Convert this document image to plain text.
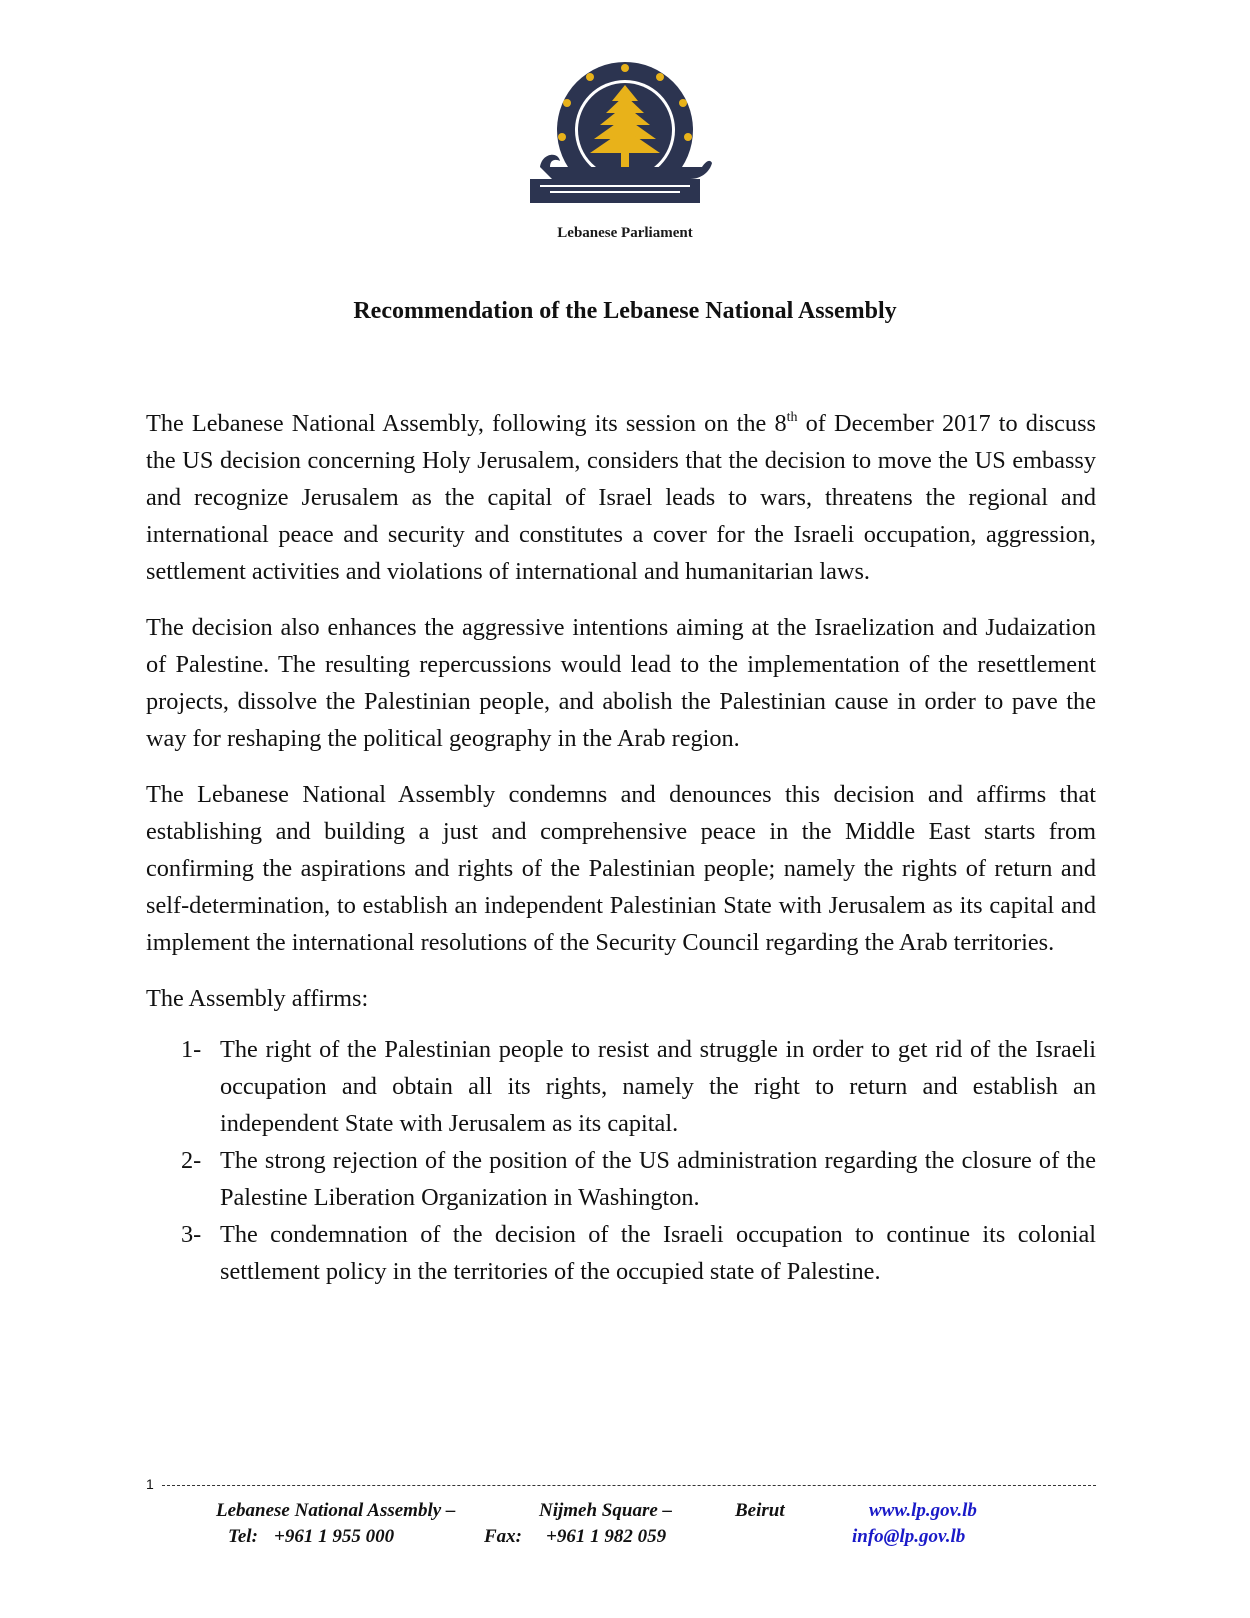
Lebanese Parliament
Recommendation of the Lebanese National Assembly

The Lebanese National Assembly, following its session on the 8th of December 2017 to discuss the US decision concerning Holy Jerusalem, considers that the decision to move the US embassy and recognize Jerusalem as the capital of Israel leads to wars, threatens the regional and international peace and security and constitutes a cover for the Israeli occupation, aggression, settlement activities and violations of international and humanitarian laws.

The decision also enhances the aggressive intentions aiming at the Israelization and Judaization of Palestine. The resulting repercussions would lead to the implementation of the resettlement projects, dissolve the Palestinian people, and abolish the Palestinian cause in order to pave the way for reshaping the political geography in the Arab region.

The Lebanese National Assembly condemns and denounces this decision and affirms that establishing and building a just and comprehensive peace in the Middle East starts from confirming the aspirations and rights of the Palestinian people; namely the rights of return and self-determination, to establish an independent Palestinian State with Jerusalem as its capital and implement the international resolutions of the Security Council regarding the Arab territories.

The Assembly affirms:

1- The right of the Palestinian people to resist and struggle in order to get rid of the Israeli occupation and obtain all its rights, namely the right to return and establish an independent State with Jerusalem as its capital.
2- The strong rejection of the position of the US administration regarding the closure of the Palestine Liberation Organization in Washington.
3- The condemnation of the decision of the Israeli occupation to continue its colonial settlement policy in the territories of the occupied state of Palestine.
1
Lebanese National Assembly –	Nijmeh Square –	Beirut	www.lp.gov.lb
Tel: +961 1 955 000	Fax: +961 1 982 059	info@lp.gov.lb
